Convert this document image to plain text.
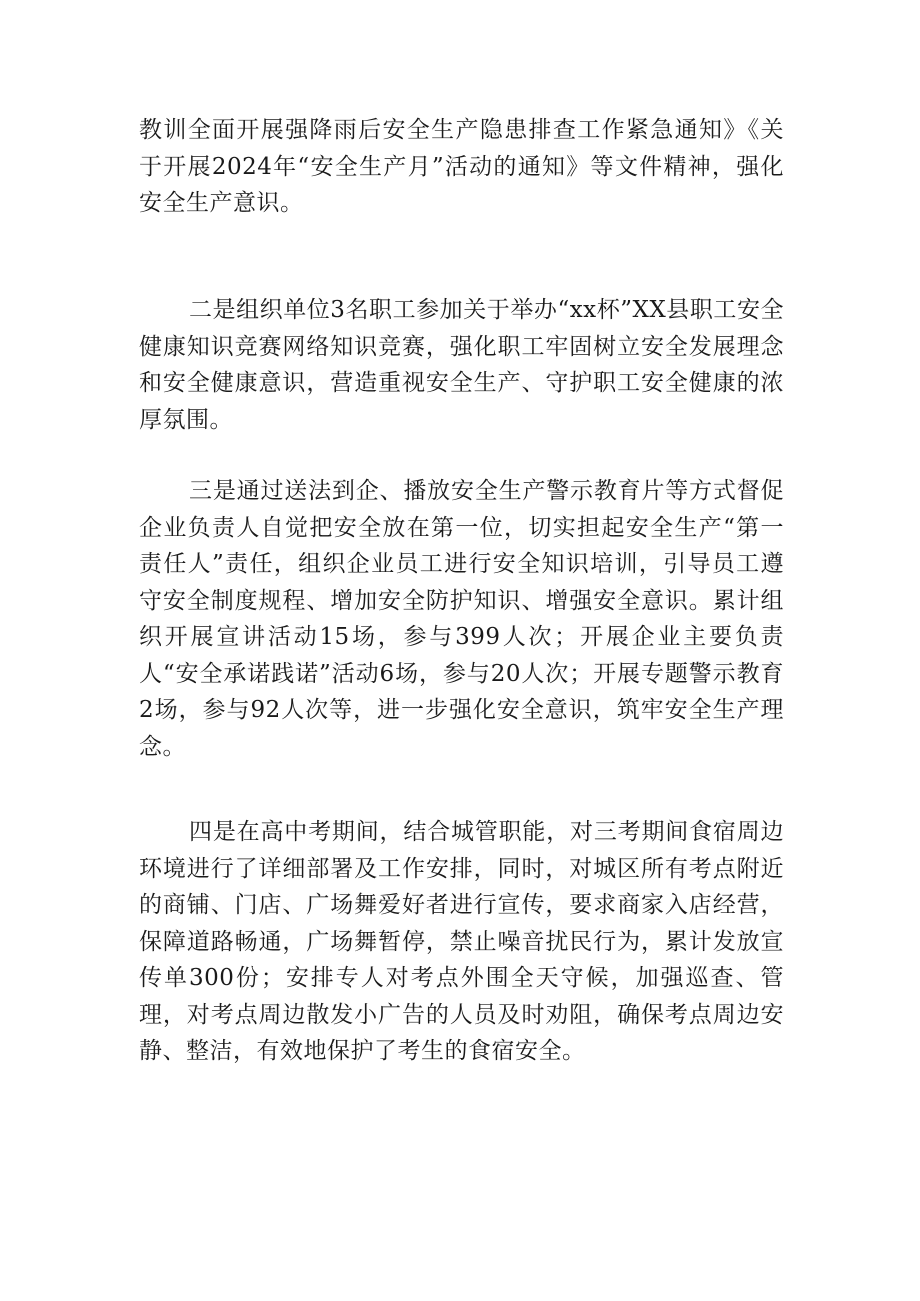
教训全面开展强降雨后安全生产隐患排查工作紧急通知》《关于开展2024年“安全生产月”活动的通知》等文件精神，强化安全生产意识。

二是组织单位3名职工参加关于举办“xx杯”XX县职工安全健康知识竞赛网络知识竞赛，强化职工牢固树立安全发展理念和安全健康意识，营造重视安全生产、守护职工安全健康的浓厚氛围。

三是通过送法到企、播放安全生产警示教育片等方式督促企业负责人自觉把安全放在第一位，切实担起安全生产“第一责任人”责任，组织企业员工进行安全知识培训，引导员工遵守安全制度规程、增加安全防护知识、增强安全意识。累计组织开展宣讲活动15场，参与399人次；开展企业主要负责人“安全承诺践诺”活动6场，参与20人次；开展专题警示教育2场，参与92人次等，进一步强化安全意识，筑牢安全生产理念。

四是在高中考期间，结合城管职能，对三考期间食宿周边环境进行了详细部署及工作安排，同时，对城区所有考点附近的商铺、门店、广场舞爱好者进行宣传，要求商家入店经营，保障道路畅通，广场舞暂停，禁止噪音扰民行为，累计发放宣传单300份；安排专人对考点外围全天守候，加强巡查、管理，对考点周边散发小广告的人员及时劝阻，确保考点周边安静、整洁，有效地保护了考生的食宿安全。
